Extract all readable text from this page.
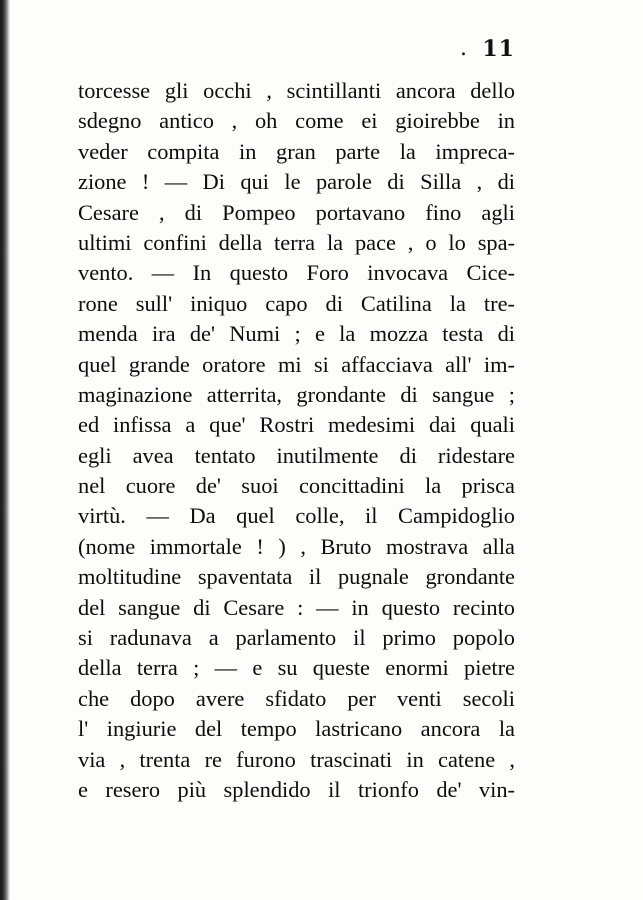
. 11
torcesse gli occhi , scintillanti ancora dello
sdegno antico , oh come ei gioirebbe in
veder compita in gran parte la impreca-
zione ! — Di qui le parole di Silla , di
Cesare , di Pompeo portavano fino agli
ultimi confini della terra la pace , o lo spa-
vento. — In questo Foro invocava Cice-
rone sull' iniquo capo di Catilina la tre-
menda ira de' Numi ; e la mozza testa di
quel grande oratore mi si affacciava all' im-
maginazione atterrita, grondante di sangue ;
ed infissa a que' Rostri medesimi dai quali
egli avea tentato inutilmente di ridestare
nel cuore de' suoi concittadini la prisca
virtù. — Da quel colle, il Campidoglio
(nome immortale ! ) , Bruto mostrava alla
moltitudine spaventata il pugnale grondante
del sangue di Cesare : — in questo recinto
si radunava a parlamento il primo popolo
della terra ; — e su queste enormi pietre
che dopo avere sfidato per venti secoli
l' ingiurie del tempo lastricano ancora la
via , trenta re furono trascinati in catene ,
e resero più splendido il trionfo de' vin-
